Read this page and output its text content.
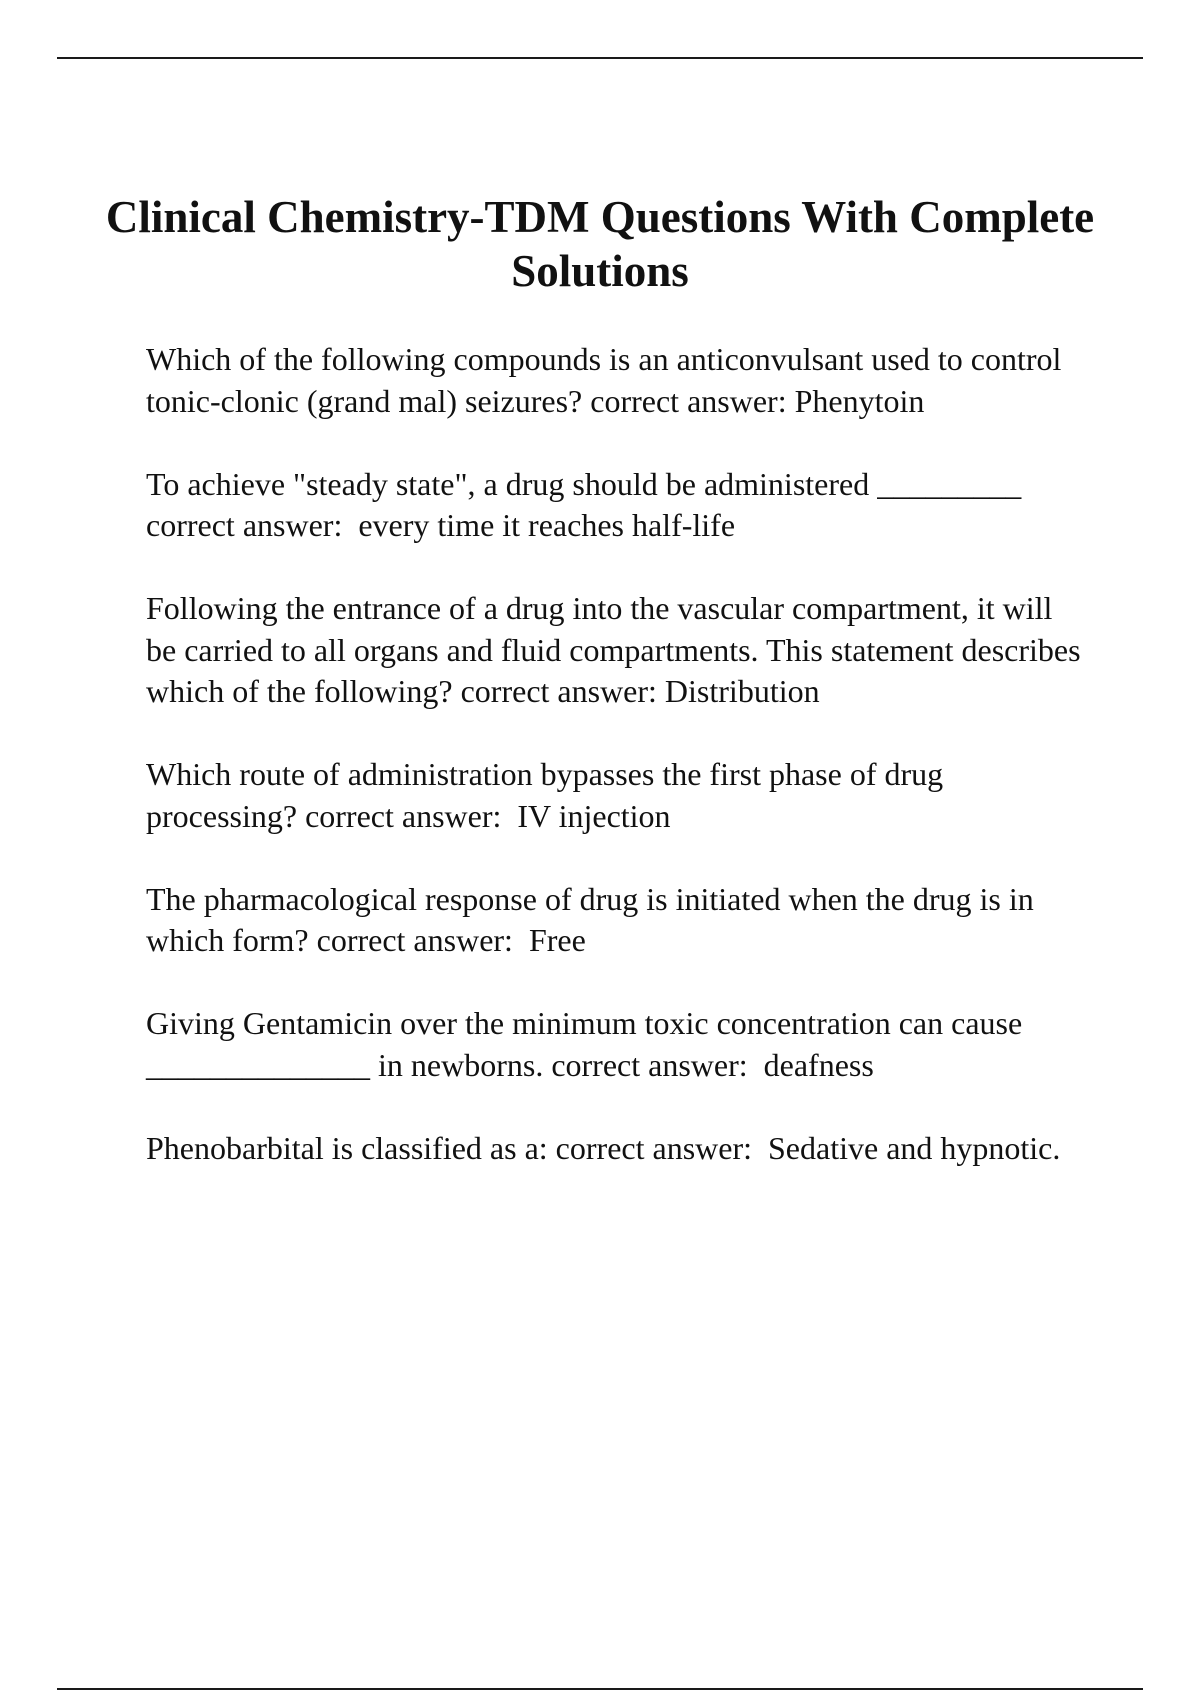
Clinical Chemistry-TDM Questions With Complete Solutions

Which of the following compounds is an anticonvulsant used to control tonic-clonic (grand mal) seizures? correct answer: Phenytoin

To achieve "steady state", a drug should be administered _________ correct answer:  every time it reaches half-life

Following the entrance of a drug into the vascular compartment, it will be carried to all organs and fluid compartments. This statement describes which of the following? correct answer: Distribution

Which route of administration bypasses the first phase of drug processing? correct answer:  IV injection

The pharmacological response of drug is initiated when the drug is in which form? correct answer:  Free

Giving Gentamicin over the minimum toxic concentration can cause ______________ in newborns. correct answer:  deafness

Phenobarbital is classified as a: correct answer:  Sedative and hypnotic.
